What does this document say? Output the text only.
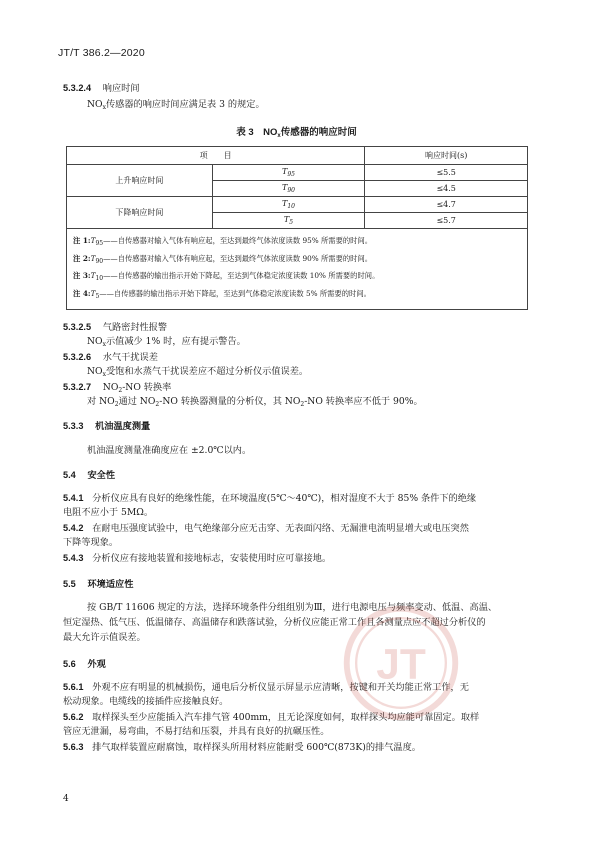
JT/T 386.2—2020
5.3.2.4 响应时间
$NO_x$传感器的响应时间应满足表 3 的规定。
表 3　$NO_x$传感器的响应时间
项　　目		响应时间(s)
上升响应时间	$T_{95}$	≤5.5
	$T_{90}$	≤4.5
下降响应时间	$T_{10}$	≤4.7
	$T_5$	≤5.7

注 $1:T_{95}——$自传感器对输入气体有响应起，至达到最终气体浓度读数 95% 所需要的时间。
注 $2:T_{90}——$自传感器对输入气体有响应起，至达到最终气体浓度读数 90% 所需要的时间。
注 $3:T_{10}——$自传感器的输出指示开始下降起，至达到气体稳定浓度读数 10% 所需要的时间。
注 $4:T_5——$自传感器的输出指示开始下降起，至达到气体稳定浓度读数 5% 所需要的时间。		
5.3.2.5 气路密封性报警
$NO_x$示值减少 1% 时，应有提示警告。
5.3.2.6 水气干扰误差
$NO_x$受饱和水蒸气干扰误差应不超过分析仪示值误差。
5.3.2.7 $NO_2-NO$ 转换率
对 $NO_2$通过 $NO_2-NO$ 转换器测量的分析仪，其 $NO_2-NO$ 转换率应不低于 90%。
5.3.3 机油温度测量
机油温度测量准确度应在 ±2.0℃以内。
5.4 安全性
5.4.1 分析仪应具有良好的绝缘性能，在环境温度(5℃～40℃)，相对湿度不大于 85% 条件下的绝缘
电阻不应小于 5MΩ。
5.4.2 在耐电压强度试验中，电气绝缘部分应无击穿、无表面闪络、无漏泄电流明显增大或电压突然
下降等现象。
5.4.3 分析仪应有接地装置和接地标志，安装使用时应可靠接地。
5.5 环境适应性
按 GB/T 11606 规定的方法，选择环境条件分组组别为Ⅲ，进行电源电压与频率变动、低温、高温、
恒定湿热、低气压、低温储存、高温储存和跌落试验，分析仪应能正常工作且各测量点应不超过分析仪的
最大允许示值误差。
5.6 外观
5.6.1 外观不应有明显的机械损伤，通电后分析仪显示屏显示应清晰，按键和开关均能正常工作，无
松动现象。电缆线的接插件应接触良好。
5.6.2 取样探头至少应能插入汽车排气管 400mm，且无论深度如何，取样探头均应能可靠固定。取样
管应无泄漏，易弯曲，不易打结和压裂，并具有良好的抗碾压性。
5.6.3 排气取样装置应耐腐蚀，取样探头所用材料应能耐受 600℃(873K)的排气温度。
4
JT
